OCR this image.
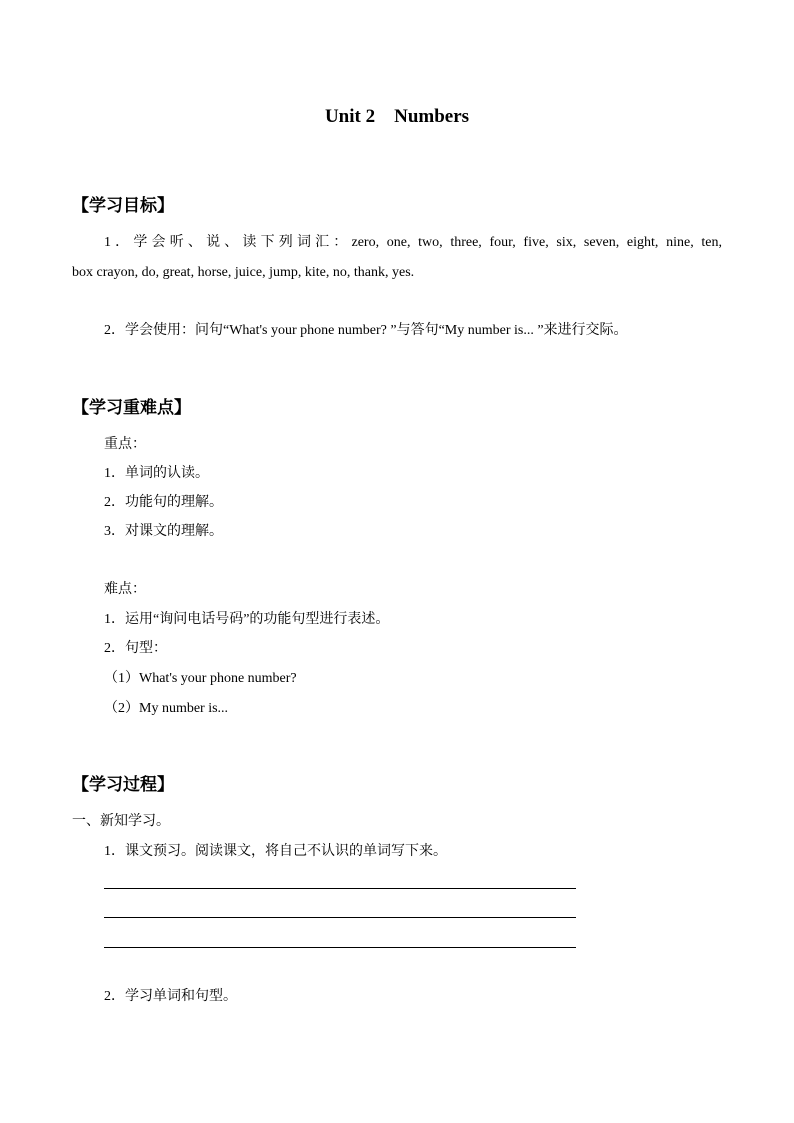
Unit 2    Numbers
【学习目标】
1．学会听、说、读下列词汇：zero, one, two, three, four, five, six, seven, eight, nine, ten,
box crayon, do, great, horse, juice, jump, kite, no, thank, yes.
2．学会使用：问句“What's your phone number? ”与答句“My number is... ”来进行交际。
【学习重难点】
重点：
1．单词的认读。
2．功能句的理解。
3．对课文的理解。
难点：
1．运用“询问电话号码”的功能句型进行表述。
2．句型：
（1）What's your phone number?
（2）My number is...
【学习过程】
一、新知学习。
1．课文预习。阅读课文，将自己不认识的单词写下来。
2．学习单词和句型。
